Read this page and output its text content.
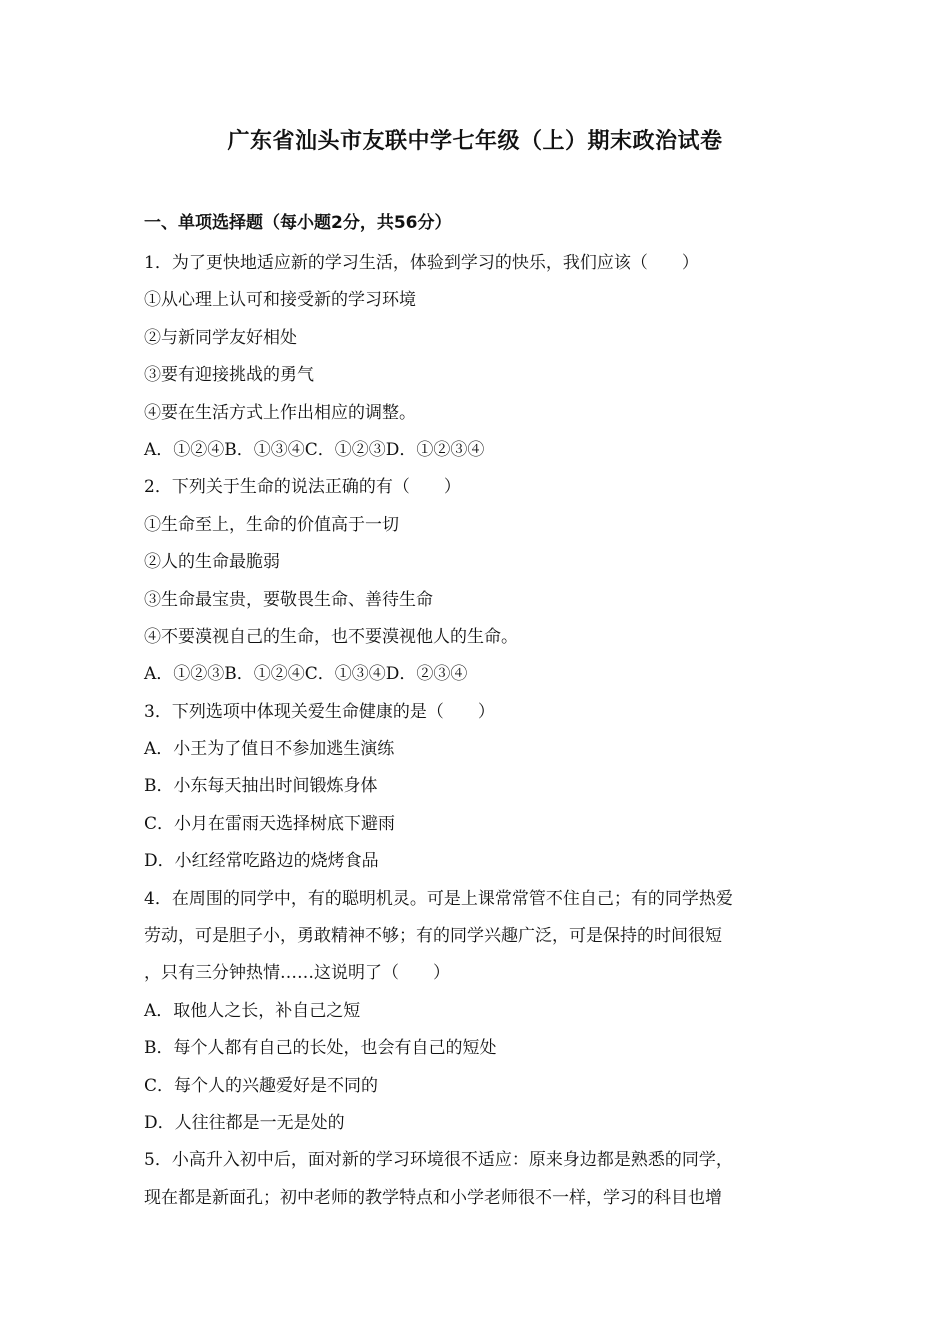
广东省汕头市友联中学七年级（上）期末政治试卷
一、单项选择题（每小题2分，共56分）
1．为了更快地适应新的学习生活，体验到学习的快乐，我们应该（　　）
①从心理上认可和接受新的学习环境
②与新同学友好相处
③要有迎接挑战的勇气
④要在生活方式上作出相应的调整。
A．①②④B．①③④C．①②③D．①②③④
2．下列关于生命的说法正确的有（　　）
①生命至上，生命的价值高于一切
②人的生命最脆弱
③生命最宝贵，要敬畏生命、善待生命
④不要漠视自己的生命，也不要漠视他人的生命。
A．①②③B．①②④C．①③④D．②③④
3．下列选项中体现关爱生命健康的是（　　）
A．小王为了值日不参加逃生演练
B．小东每天抽出时间锻炼身体
C．小月在雷雨天选择树底下避雨
D．小红经常吃路边的烧烤食品
4．在周围的同学中，有的聪明机灵。可是上课常常管不住自己；有的同学热爱
劳动，可是胆子小，勇敢精神不够；有的同学兴趣广泛，可是保持的时间很短
，只有三分钟热情……这说明了（　　）
A．取他人之长，补自己之短
B．每个人都有自己的长处，也会有自己的短处
C．每个人的兴趣爱好是不同的
D．人往往都是一无是处的
5．小高升入初中后，面对新的学习环境很不适应：原来身边都是熟悉的同学，
现在都是新面孔；初中老师的教学特点和小学老师很不一样，学习的科目也增
